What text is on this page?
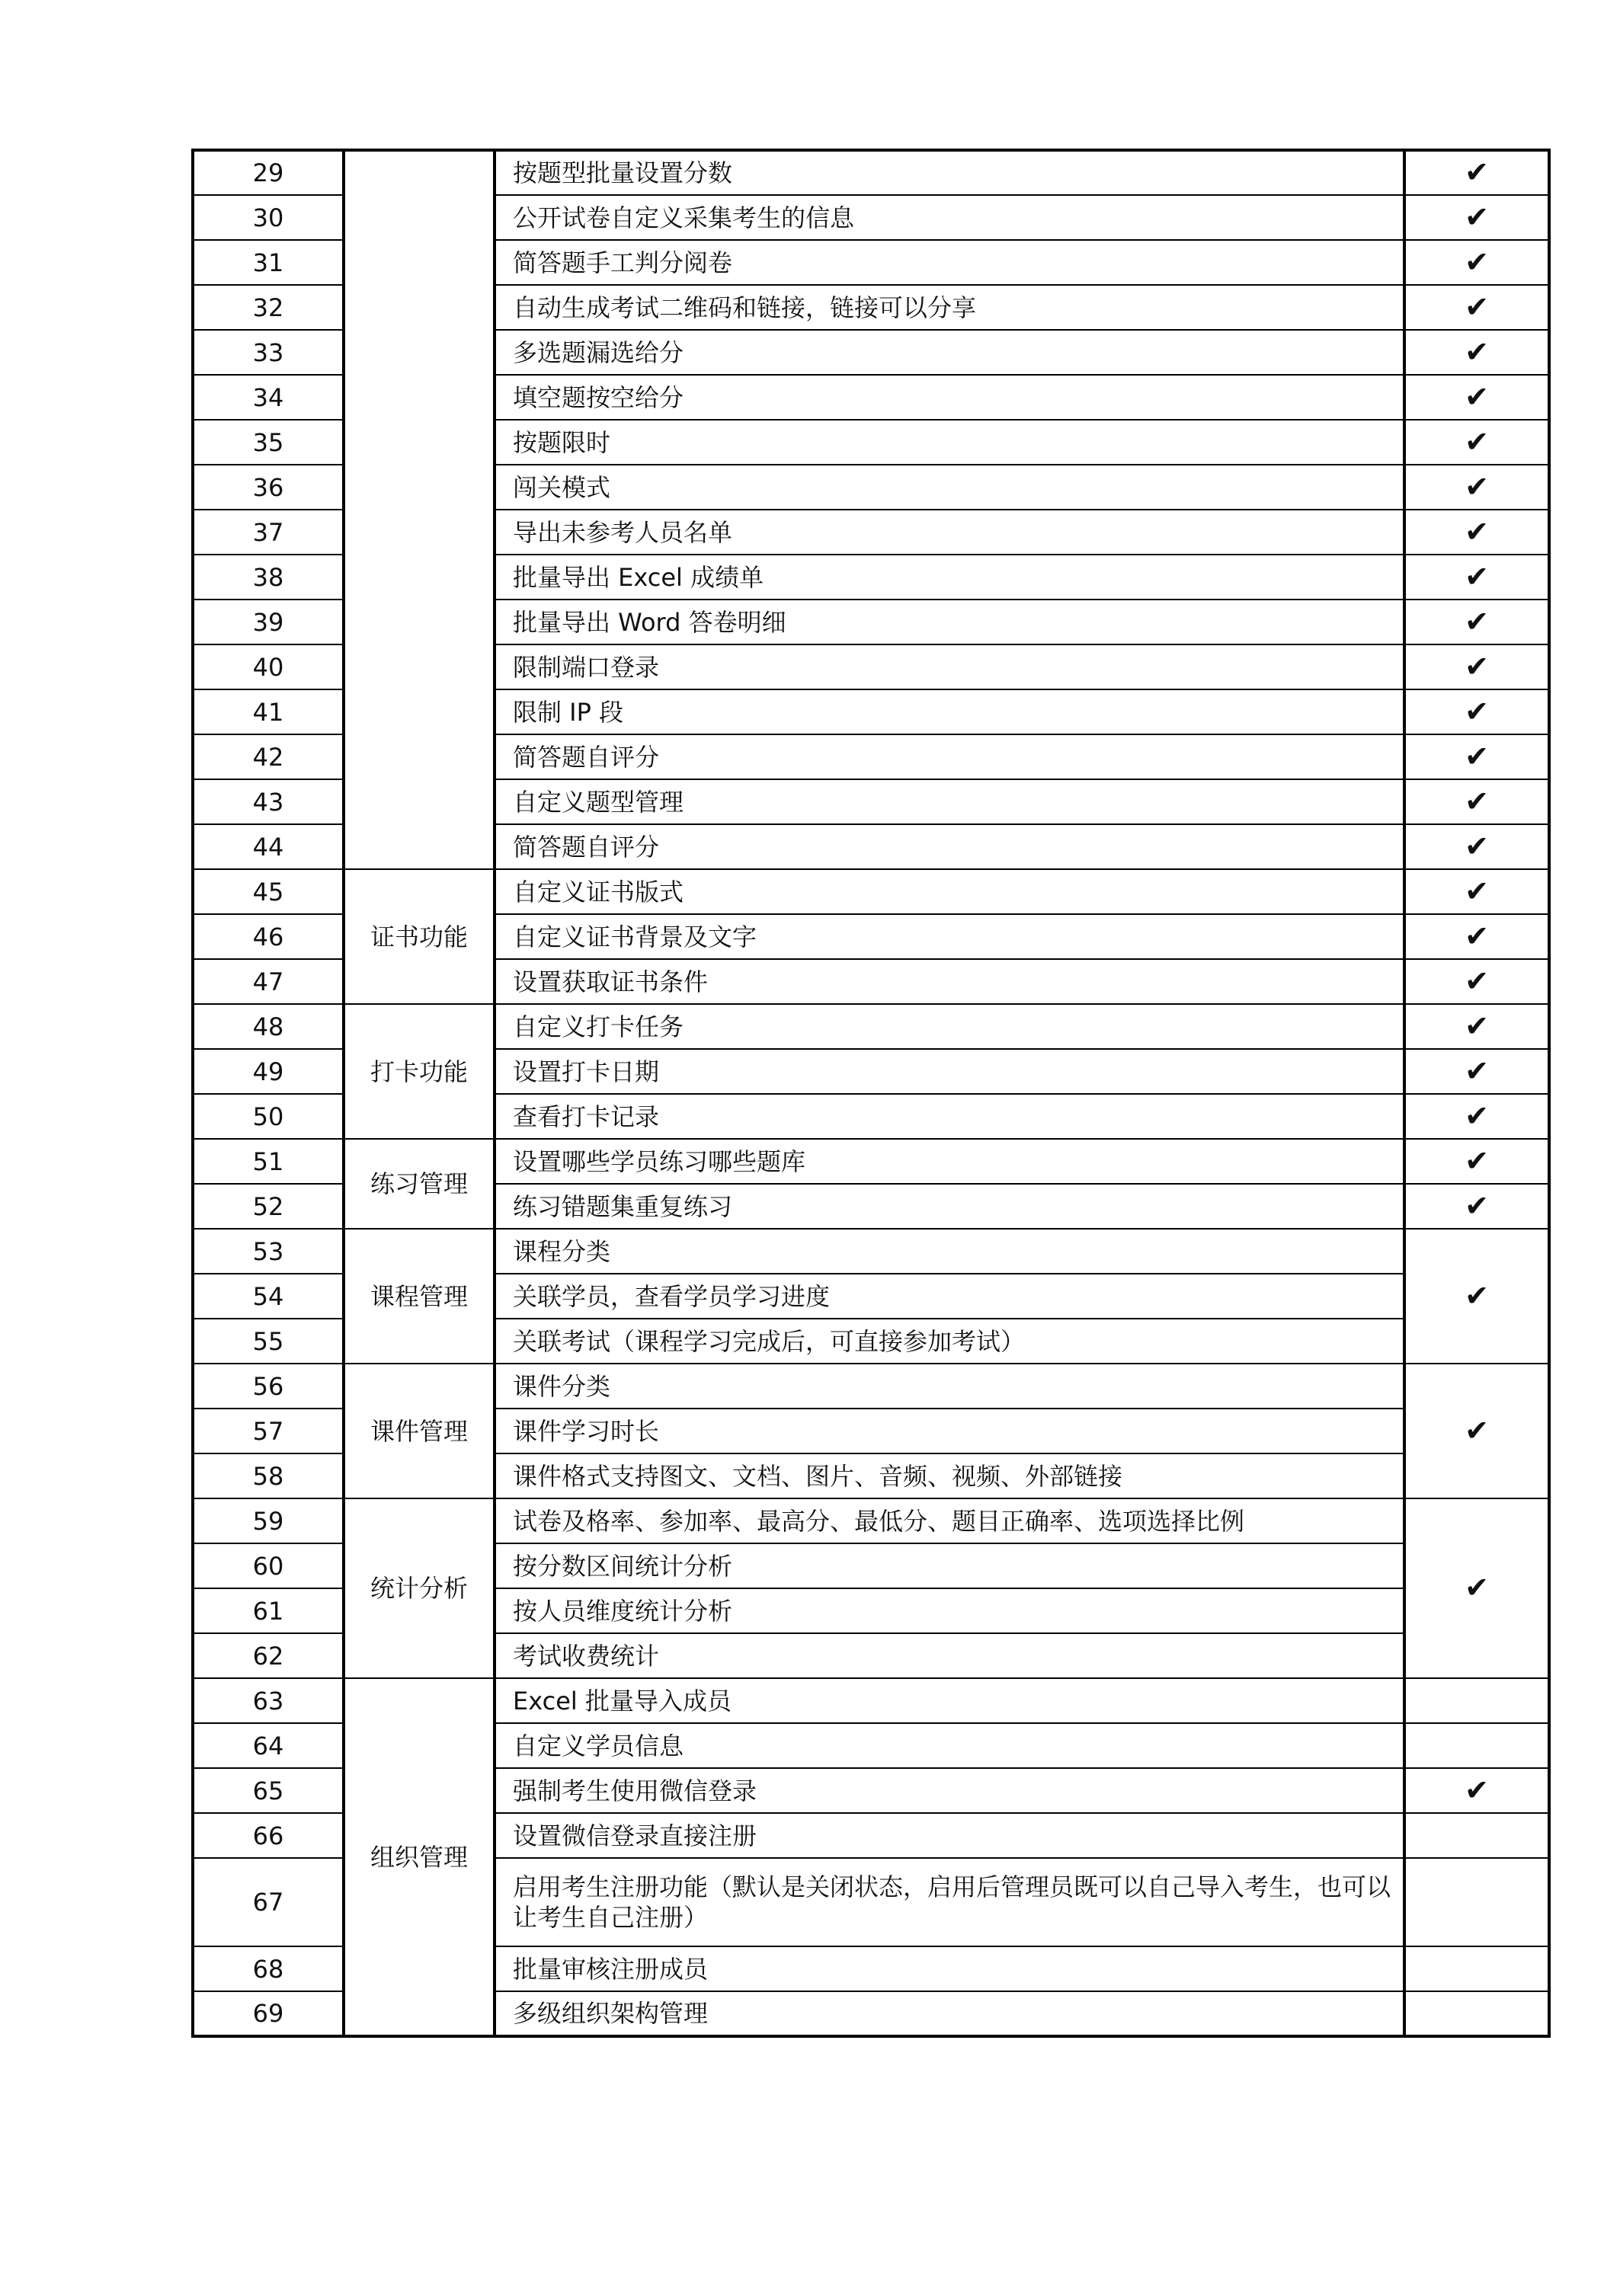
29		按题型批量设置分数	✔
30		公开试卷自定义采集考生的信息	✔
31		简答题手工判分阅卷	✔
32		自动生成考试二维码和链接，链接可以分享	✔
33		多选题漏选给分	✔
34		填空题按空给分	✔
35		按题限时	✔
36		闯关模式	✔
37		导出未参考人员名单	✔
38		批量导出 Excel 成绩单	✔
39		批量导出 Word 答卷明细	✔
40		限制端口登录	✔
41		限制 IP 段	✔
42		简答题自评分	✔
43		自定义题型管理	✔
44		简答题自评分	✔
45	证书功能	自定义证书版式	✔
46		自定义证书背景及文字	✔
47		设置获取证书条件	✔
48	打卡功能	自定义打卡任务	✔
49		设置打卡日期	✔
50		查看打卡记录	✔
51	练习管理	设置哪些学员练习哪些题库	✔
52		练习错题集重复练习	✔
53	课程管理	课程分类	✔
54		关联学员，查看学员学习进度	
55		关联考试（课程学习完成后，可直接参加考试）	
56	课件管理	课件分类	✔
57		课件学习时长	
58		课件格式支持图文、文档、图片、音频、视频、外部链接	
59	统计分析	试卷及格率、参加率、最高分、最低分、题目正确率、选项选择比例	✔
60		按分数区间统计分析	
61		按人员维度统计分析	
62		考试收费统计	
63	组织管理	Excel 批量导入成员	
64		自定义学员信息	
65		强制考生使用微信登录	✔
66		设置微信登录直接注册	
67		启用考生注册功能（默认是关闭状态，启用后管理员既可以自己导入考生，也可以让考生自己注册）	
68		批量审核注册成员	
69		多级组织架构管理	
